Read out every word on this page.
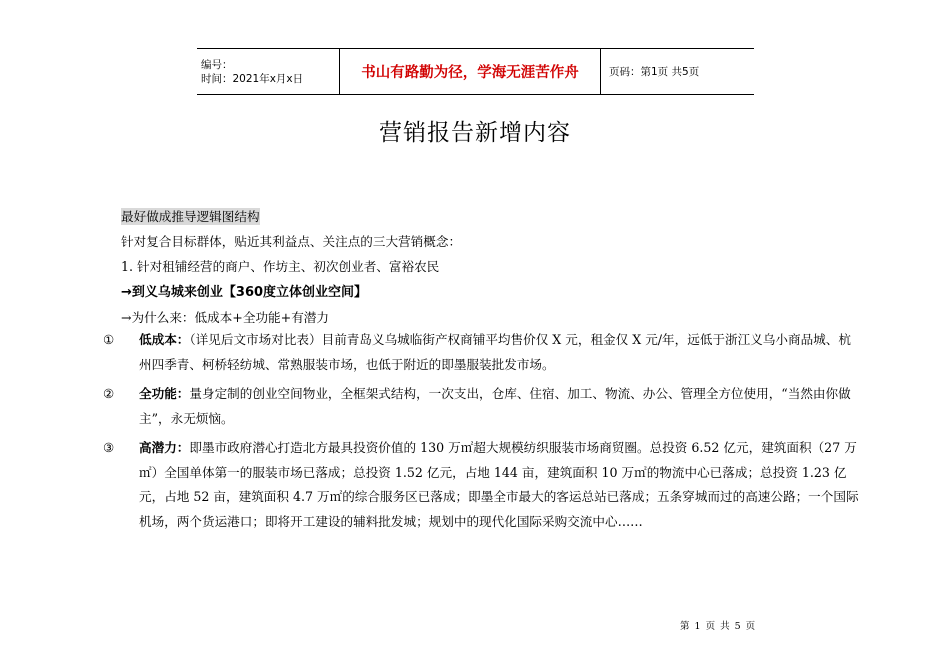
编号：
时间：2021年x月x日	书山有路勤为径，学海无涯苦作舟	页码：第1页 共5页
营销报告新增内容
最好做成推导逻辑图结构
针对复合目标群体，贴近其利益点、关注点的三大营销概念：
1. 针对租铺经营的商户、作坊主、初次创业者、富裕农民
→到义乌城来创业【360度立体创业空间】
→为什么来：低成本+全功能+有潜力
① 低成本：（详见后文市场对比表）目前青岛义乌城临街产权商铺平均售价仅 X 元，租金仅 X 元/年，远低于浙江义乌小商品城、杭州四季青、柯桥轻纺城、常熟服装市场，也低于附近的即墨服装批发市场。
② 全功能：量身定制的创业空间物业，全框架式结构，一次支出，仓库、住宿、加工、物流、办公、管理全方位使用，“当然由你做主”，永无烦恼。
③ 高潜力：即墨市政府潜心打造北方最具投资价值的 130 万㎡超大规模纺织服装市场商贸圈。总投资 6.52 亿元，建筑面积（27 万㎡）全国单体第一的服装市场已落成；总投资 1.52 亿元，占地 144 亩，建筑面积 10 万㎡的物流中心已落成；总投资 1.23 亿元，占地 52 亩，建筑面积 4.7 万㎡的综合服务区已落成；即墨全市最大的客运总站已落成；五条穿城而过的高速公路；一个国际机场，两个货运港口；即将开工建设的辅料批发城；规划中的现代化国际采购交流中心……
第 1 页 共 5 页
